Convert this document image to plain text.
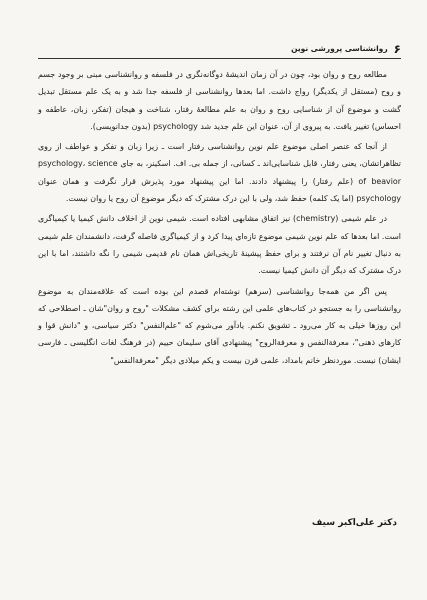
۶
روانشناسی پرورشی نوین

مطالعه روح و روان بود، چون در آن زمان اندیشهٔ دوگانه‌نگری در فلسفه و روانشناسی مبنی بر وجود جسم و روح (مستقل از یکدیگر) رواج داشت. اما بعدها روانشناسی از فلسفه جدا شد و به یک علم مستقل تبدیل گشت و موضوع آن از شناسایی روح و روان به علم مطالعهٔ رفتار، شناخت و هیجان (تفکر، زبان، عاطفه و احساس) تغییر یافت. به پیروی از آن، عنوان این علم جدید شد psychology (بدون جدانویسی).

از آنجا که عنصر اصلی موضوع علم نوین روانشناسی رفتار است ـ زیرا زبان و تفکر و عواطف از روی تظاهراتشان، یعنی رفتار، قابل شناسایی‌اند ـ کسانی، از جمله بی. اف. اسکینر، به جای psychology، science of beavior (علم رفتار) را پیشنهاد دادند. اما این پیشنهاد مورد پذیرش قرار نگرفت و همان عنوان psychology (اما یک کلمه) حفظ شد، ولی با این درک مشترک که دیگر موضوع آن روح یا روان نیست.

در علم شیمی (chemistry) نیز اتفاق مشابهی افتاده است. شیمی نوین از اخلاف دانش کیمیا یا کیمیاگری است. اما بعدها که علم نوین شیمی موضوع تازه‌ای پیدا کرد و از کیمیاگری فاصله گرفت، دانشمندان علم شیمی به دنبال تغییر نام آن نرفتند و برای حفظ پیشینهٔ تاریخی‌اش همان نام قدیمی شیمی را نگه داشتند، اما با این درک مشترک که دیگر آن دانش کیمیا نیست.

پس اگر من همه‌جا روانشناسی (سرهم) نوشته‌ام قصدم این بوده است که علاقه‌مندان به موضوع روانشناسی را به جستجو در کتاب‌های علمی این رشته برای کشف مشکلات "روح و روان"شان ـ اصطلاحی که این روزها خیلی به کار می‌رود ـ تشویق نکنم. یادآور می‌شوم که "علم‌النفس" دکتر سیاسی، و "دانش قوا و کارهای ذهنی"، معرفةالنفس و معرفةالروح" پیشنهادی آقای سلیمان حییم (در فرهنگ لغات انگلیسی ـ فارسی ایشان) نیست. مورد‌نظر خانم بامداد، علمی قرن بیست و یکم میلادی دیگر "معرفةالنفس"

دکتر علی‌اکبر سیف
